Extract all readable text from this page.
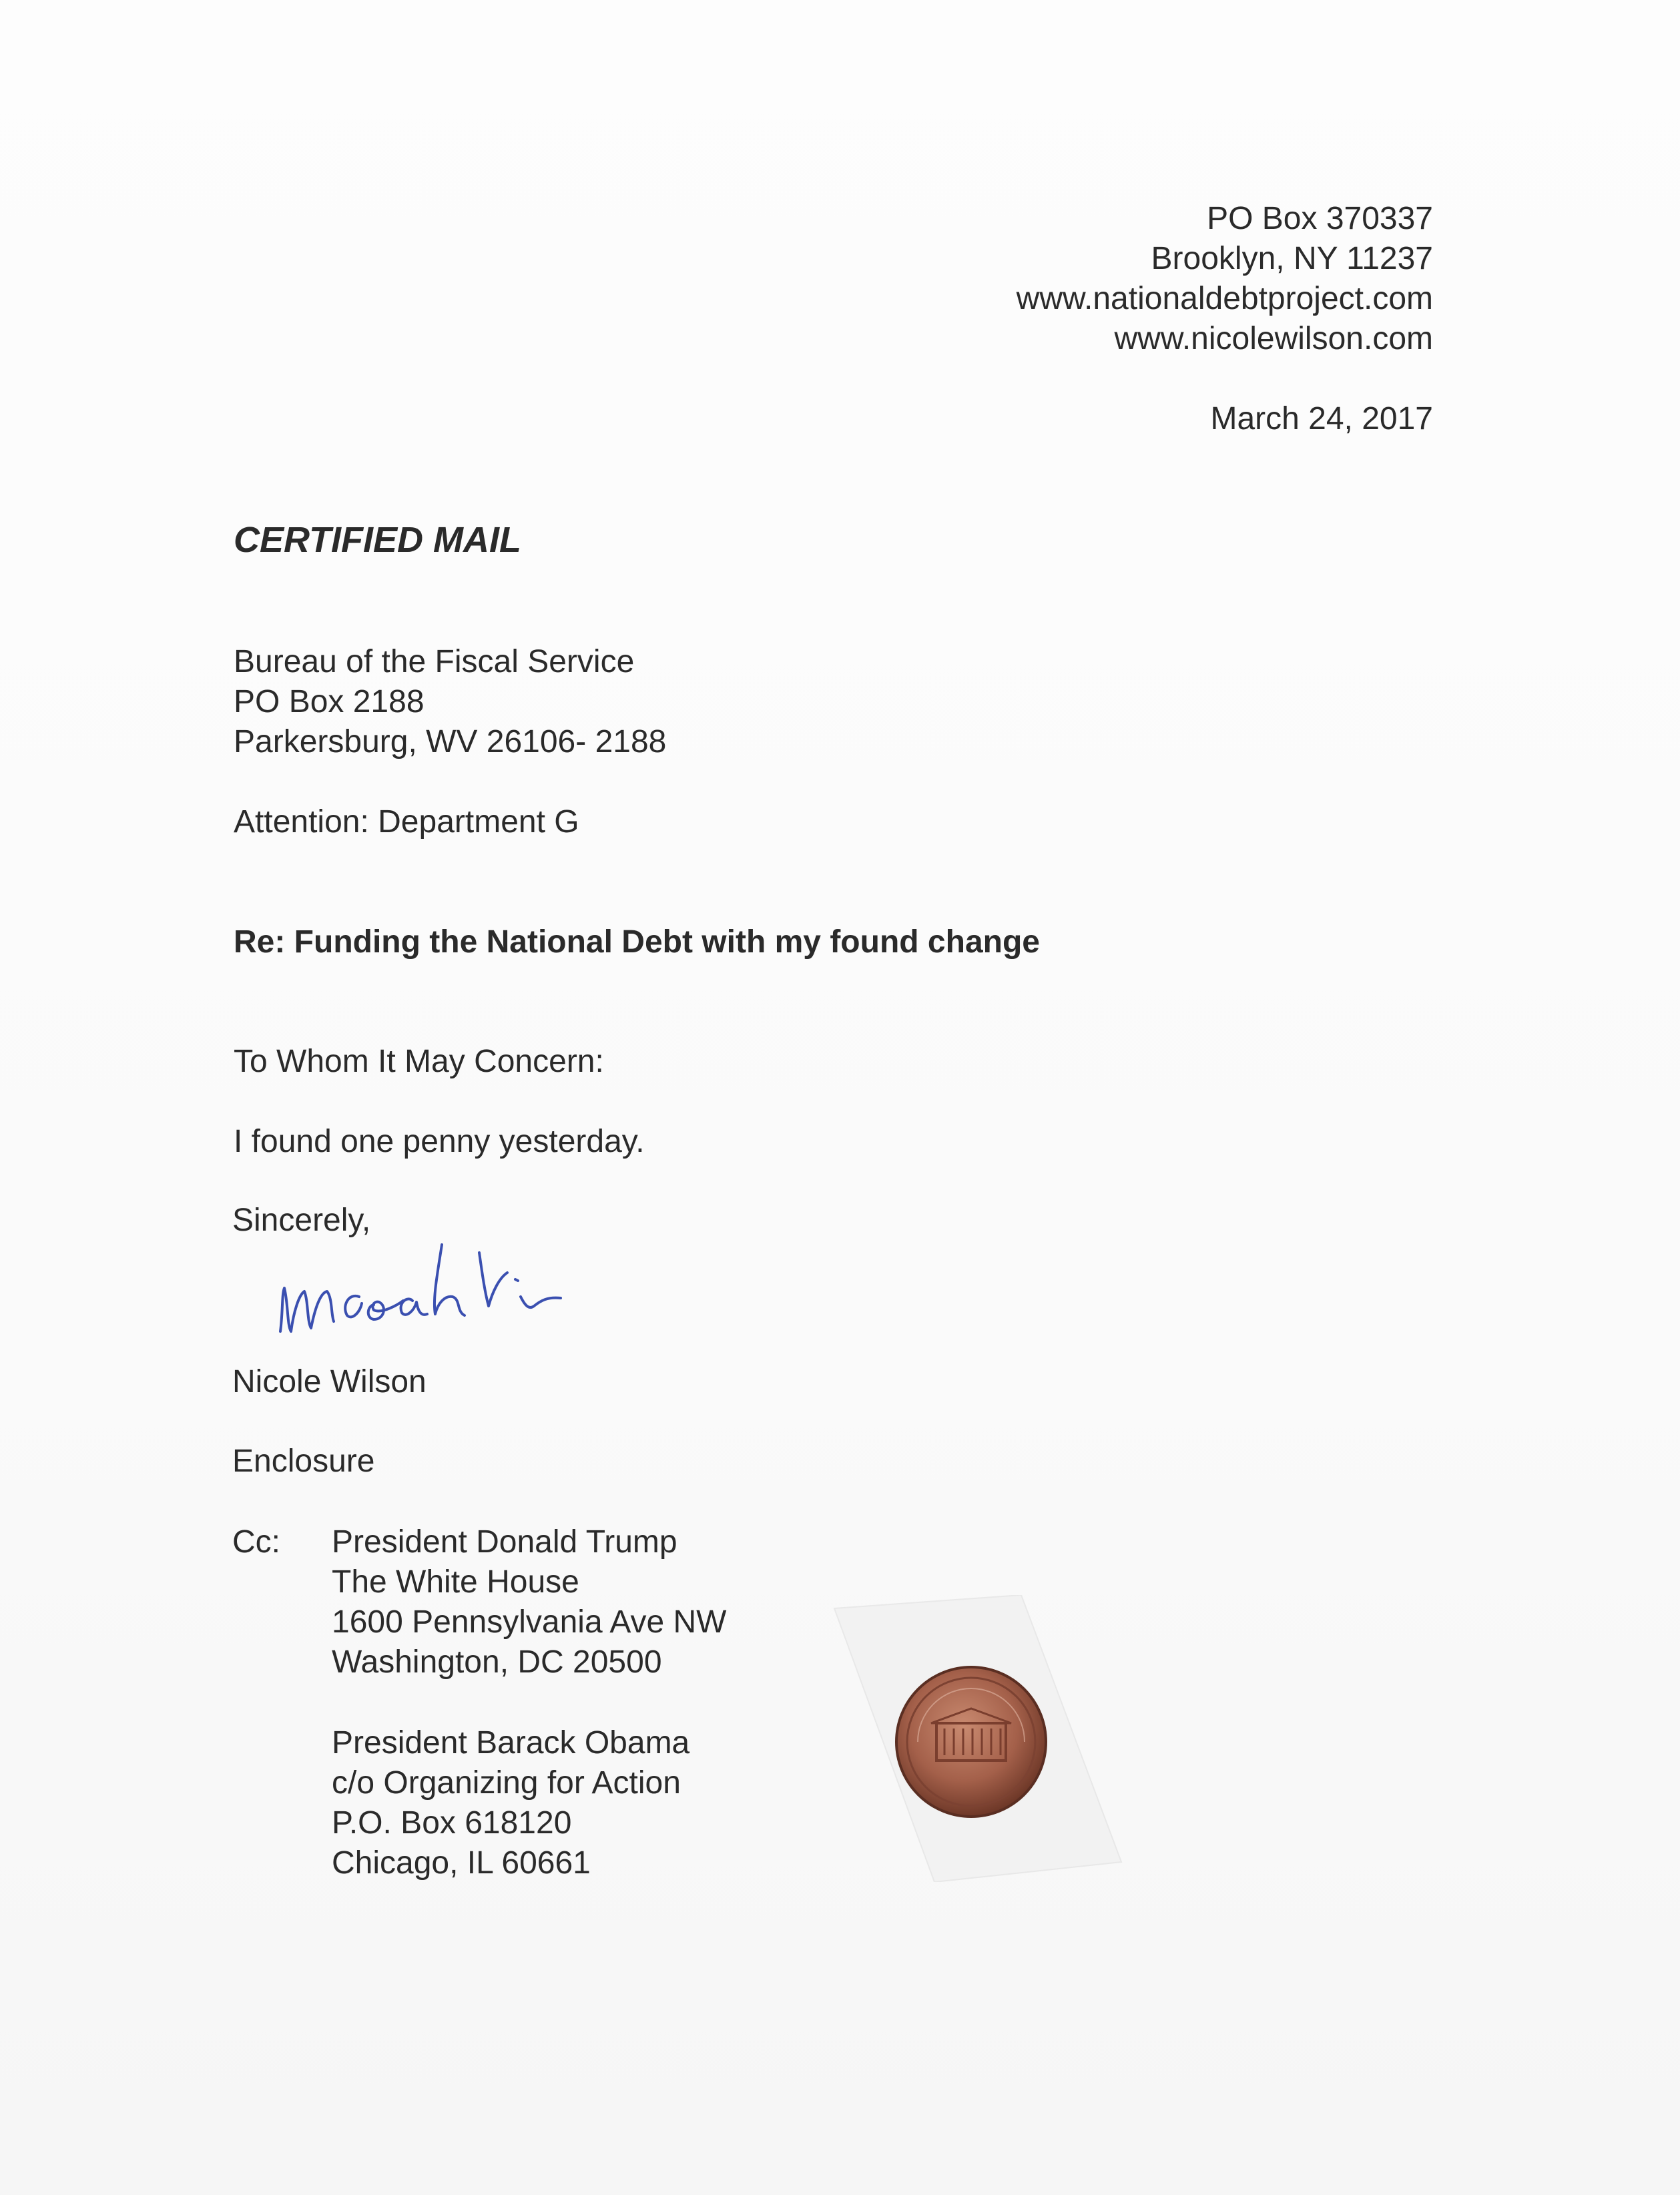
PO Box 370337
Brooklyn, NY 11237
www.nationaldebtproject.com
www.nicolewilson.com
March 24, 2017
CERTIFIED MAIL
Bureau of the Fiscal Service
PO Box 2188
Parkersburg, WV 26106- 2188
Attention: Department G
Re: Funding the National Debt with my found change
To Whom It May Concern:
I found one penny yesterday.
Sincerely,
Nicole Wilson
Enclosure
Cc: President Donald Trump
The White House
1600 Pennsylvania Ave NW
Washington, DC 20500
President Barack Obama
c/o Organizing for Action
P.O. Box 618120
Chicago, IL 60661
